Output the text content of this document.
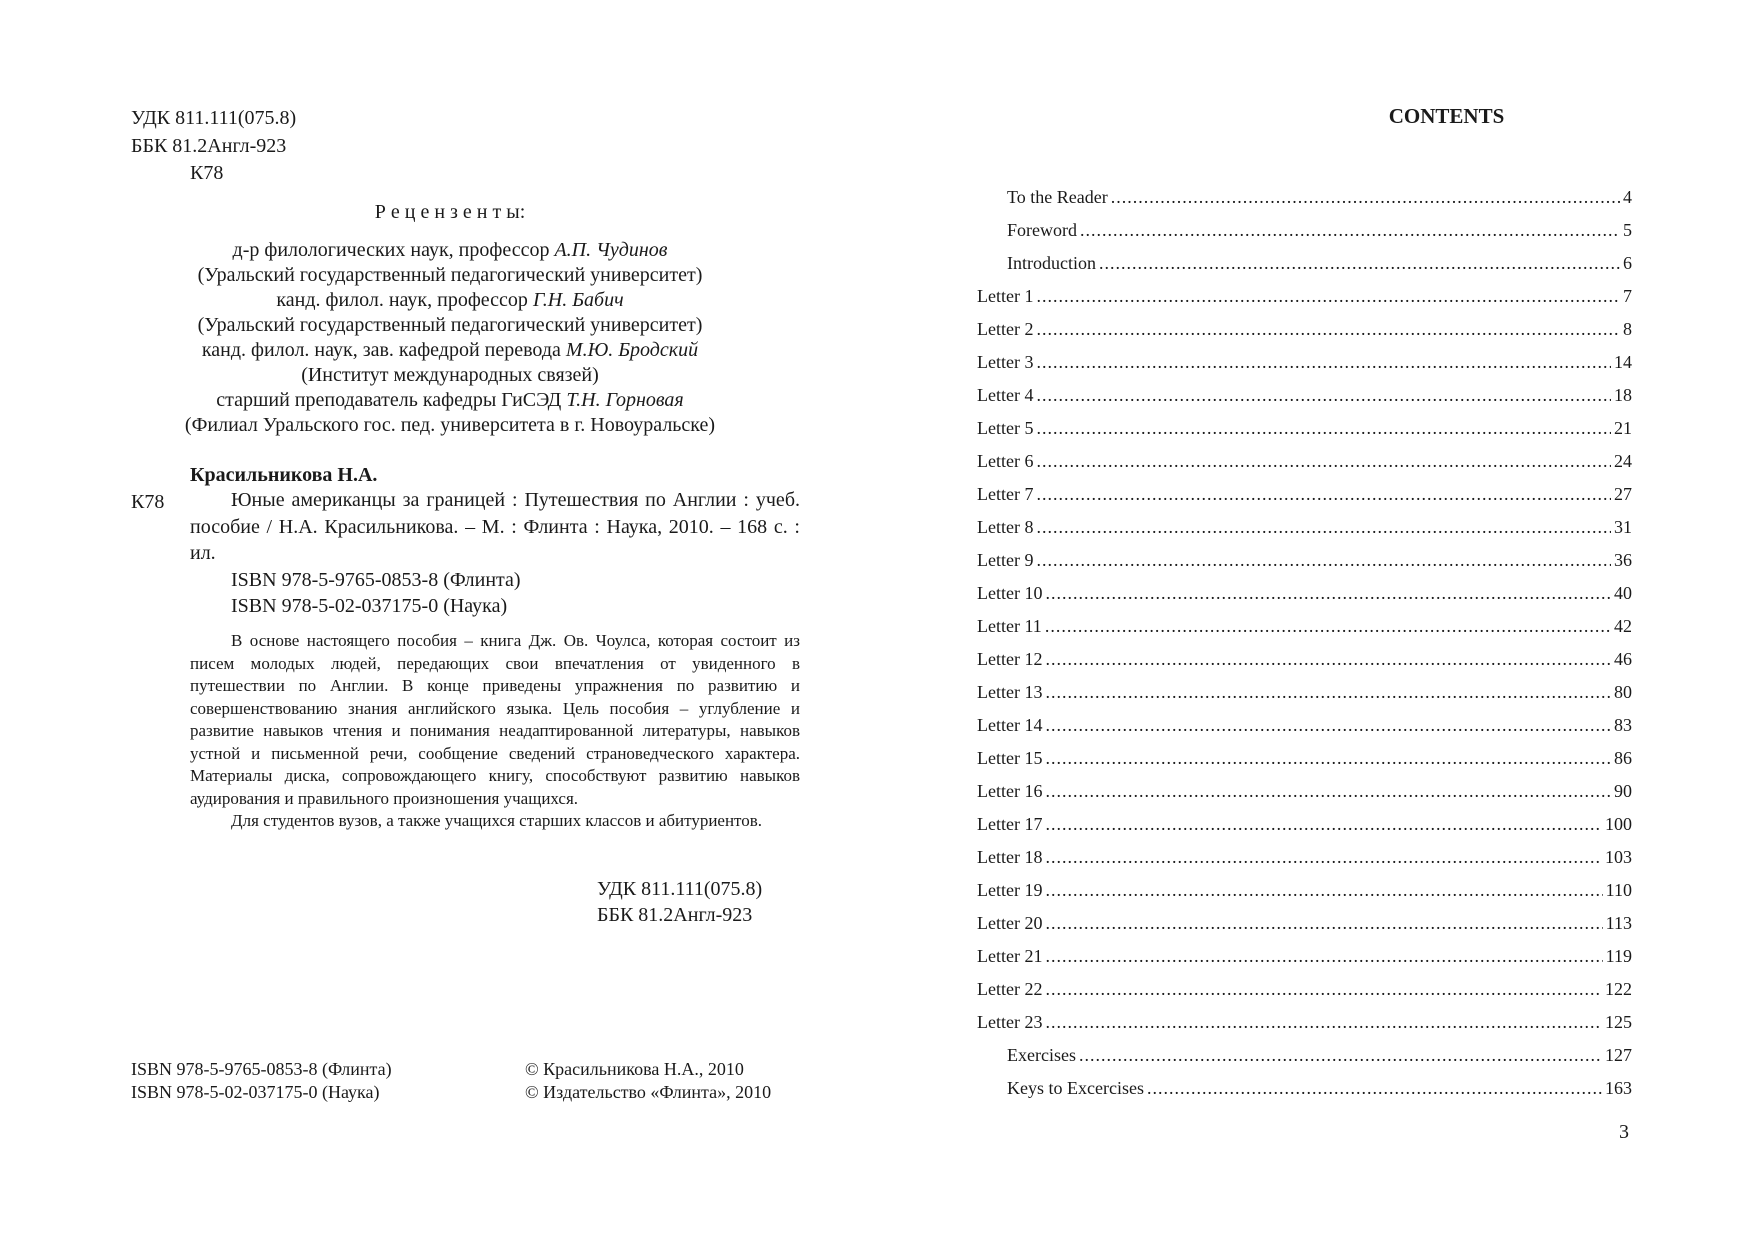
УДК 811.111(075.8)
ББК 81.2Англ-923
К78
Р е ц е н з е н т ы:
д-р филологических наук, профессор А.П. Чудинов
(Уральский государственный педагогический университет)
канд. филол. наук, профессор Г.Н. Бабич
(Уральский государственный педагогический университет)
канд. филол. наук, зав. кафедрой перевода М.Ю. Бродский
(Институт международных связей)
старший преподаватель кафедры ГиСЭД Т.Н. Горновая
(Филиал Уральского гос. пед. университета в г. Новоуральске)
Красильникова Н.А.
К78	Юные американцы за границей : Путешествия по Англии : учеб. пособие / Н.А. Красильникова. – М. : Флинта : Наука, 2010. – 168 с. : ил.
ISBN 978-5-9765-0853-8 (Флинта)
ISBN 978-5-02-037175-0 (Наука)

В основе настоящего пособия – книга Дж. Ов. Чоулса, которая состоит из писем молодых людей, передающих свои впечатления от увиденного в путешествии по Англии. В конце приведены упражнения по развитию и совершенствованию знания английского языка. Цель пособия – углубление и развитие навыков чтения и понимания неадаптированной литературы, навыков устной и письменной речи, сообщение сведений страноведческого характера. Материалы диска, сопровождающего книгу, способствуют развитию навыков аудирования и правильного произношения учащихся.

Для студентов вузов, а также учащихся старших классов и абитуриентов.

УДК 811.111(075.8)
ББК 81.2Англ-923
ISBN 978-5-9765-0853-8 (Флинта)
ISBN 978-5-02-037175-0 (Наука)
© Красильникова Н.А., 2010
© Издательство «Флинта», 2010
CONTENTS
To the Reader .....	4
Foreword .....	5
Introduction .....	6
Letter 1 .....	7
Letter 2 .....	8
Letter 3 .....	14
Letter 4 .....	18
Letter 5 .....	21
Letter 6 .....	24
Letter 7 .....	27
Letter 8 .....	31
Letter 9 .....	36
Letter 10 .....	40
Letter 11 .....	42
Letter 12 .....	46
Letter 13 .....	80
Letter 14 .....	83
Letter 15 .....	86
Letter 16 .....	90
Letter 17 .....	100
Letter 18 .....	103
Letter 19 .....	110
Letter 20 .....	113
Letter 21 .....	119
Letter 22 .....	122
Letter 23 .....	125
Exercises .....	127
Keys to Excercises .....	163
3
